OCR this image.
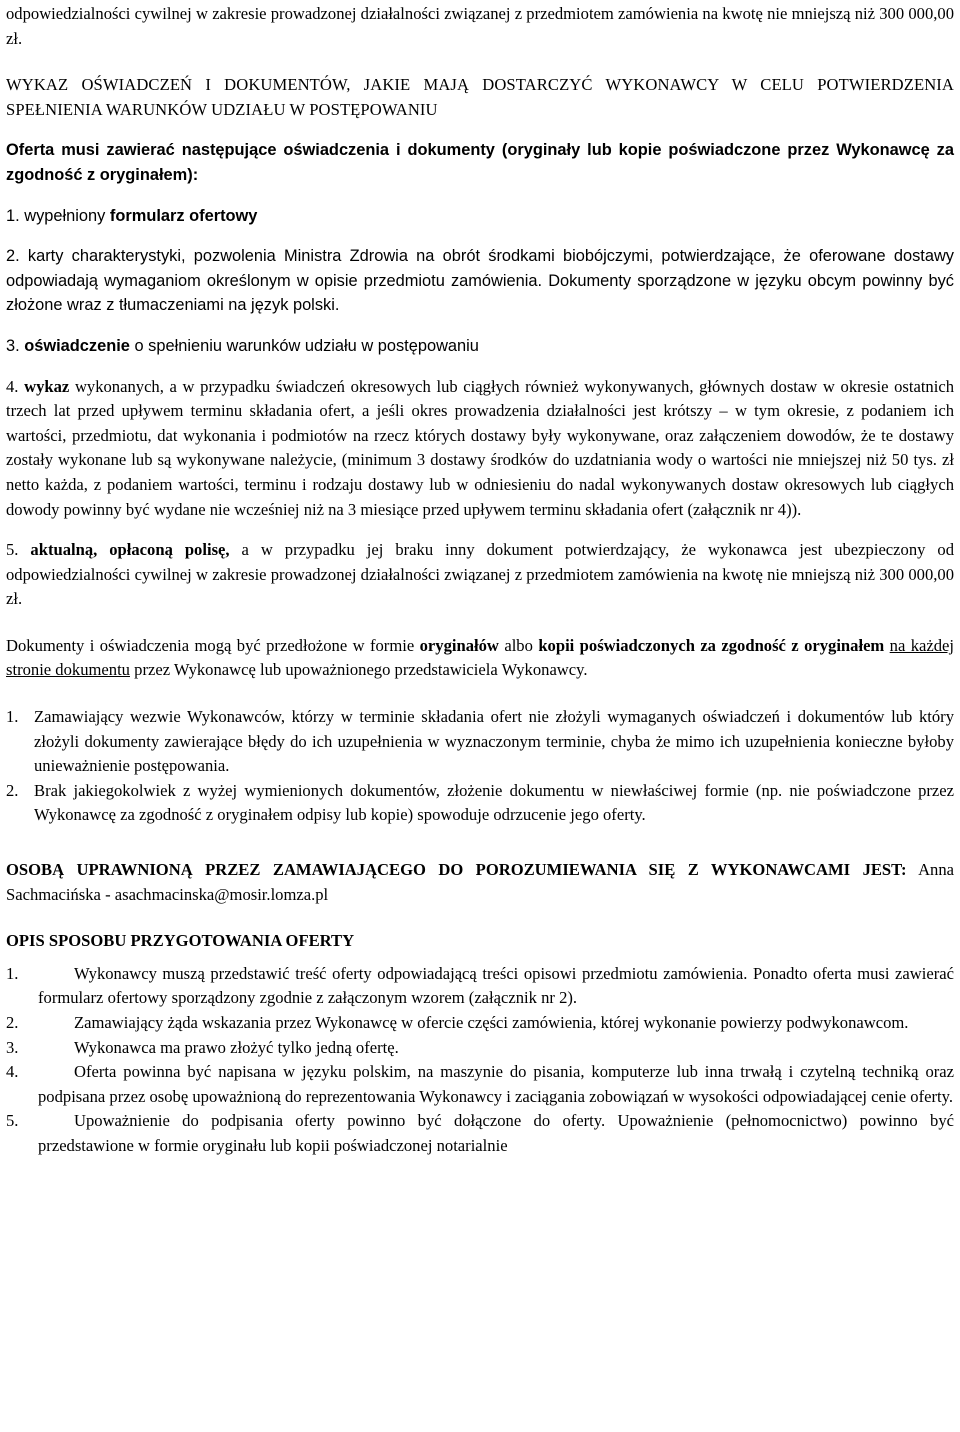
odpowiedzialności cywilnej w zakresie prowadzonej działalności związanej z przedmiotem zamówienia na kwotę nie mniejszą niż 300 000,00 zł.

WYKAZ OŚWIADCZEŃ I DOKUMENTÓW, JAKIE MAJĄ DOSTARCZYĆ WYKONAWCY W CELU POTWIERDZENIA SPEŁNIENIA WARUNKÓW UDZIAŁU W POSTĘPOWANIU

Oferta musi zawierać następujące oświadczenia i dokumenty (oryginały lub kopie poświadczone przez Wykonawcę za zgodność z oryginałem):

1. wypełniony formularz ofertowy

2. karty charakterystyki, pozwolenia Ministra Zdrowia na obrót środkami biobójczymi, potwierdzające, że oferowane dostawy odpowiadają wymaganiom określonym w opisie przedmiotu zamówienia. Dokumenty sporządzone w języku obcym powinny być złożone wraz z tłumaczeniami na język polski.

3. oświadczenie o spełnieniu warunków udziału w postępowaniu

4. wykaz wykonanych, a w przypadku świadczeń okresowych lub ciągłych również wykonywanych, głównych dostaw w okresie ostatnich trzech lat przed upływem terminu składania ofert, a jeśli okres prowadzenia działalności jest krótszy – w tym okresie, z podaniem ich wartości, przedmiotu, dat wykonania i podmiotów na rzecz których dostawy były wykonywane, oraz załączeniem dowodów, że te dostawy zostały wykonane lub są wykonywane należycie, (minimum 3 dostawy środków do uzdatniania wody o wartości nie mniejszej niż 50 tys. zł netto każda, z podaniem wartości, terminu i rodzaju dostawy lub w odniesieniu do nadal wykonywanych dostaw okresowych lub ciągłych dowody powinny być wydane nie wcześniej niż na 3 miesiące przed upływem terminu składania ofert (załącznik nr 4)).

5. aktualną, opłaconą polisę, a w przypadku jej braku inny dokument potwierdzający, że wykonawca jest ubezpieczony od odpowiedzialności cywilnej w zakresie prowadzonej działalności związanej z przedmiotem zamówienia na kwotę nie mniejszą niż 300 000,00 zł.

Dokumenty i oświadczenia mogą być przedłożone w formie oryginałów albo kopii poświadczonych za zgodność z oryginałem na każdej stronie dokumentu przez Wykonawcę lub upoważnionego przedstawiciela Wykonawcy.

1. Zamawiający wezwie Wykonawców, którzy w terminie składania ofert nie złożyli wymaganych oświadczeń i dokumentów lub który złożyli dokumenty zawierające błędy do ich uzupełnienia w wyznaczonym terminie, chyba że mimo ich uzupełnienia konieczne byłoby unieważnienie postępowania.
2. Brak jakiegokolwiek z wyżej wymienionych dokumentów, złożenie dokumentu w niewłaściwej formie (np. nie poświadczone przez Wykonawcę za zgodność z oryginałem odpisy lub kopie) spowoduje odrzucenie jego oferty.

OSOBĄ UPRAWNIONĄ PRZEZ ZAMAWIAJĄCEGO DO POROZUMIEWANIA SIĘ Z WYKONAWCAMI JEST: Anna Sachmacińska - asachmacinska@mosir.lomza.pl

OPIS SPOSOBU PRZYGOTOWANIA OFERTY

1.	Wykonawcy muszą przedstawić treść oferty odpowiadającą treści opisowi przedmiotu zamówienia. Ponadto oferta musi zawierać formularz ofertowy sporządzony zgodnie z załączonym wzorem (załącznik nr 2).
2.	Zamawiający żąda wskazania przez Wykonawcę w ofercie części zamówienia, której wykonanie powierzy podwykonawcom.
3.	Wykonawca ma prawo złożyć tylko jedną ofertę.
4.	Oferta powinna być napisana w języku polskim, na maszynie do pisania, komputerze lub inna trwałą i czytelną techniką oraz podpisana przez osobę upoważnioną do reprezentowania Wykonawcy i zaciągania zobowiązań w wysokości odpowiadającej cenie oferty.
5.	Upoważnienie do podpisania oferty powinno być dołączone do oferty. Upoważnienie (pełnomocnictwo) powinno być przedstawione w formie oryginału lub kopii poświadczonej notarialnie
